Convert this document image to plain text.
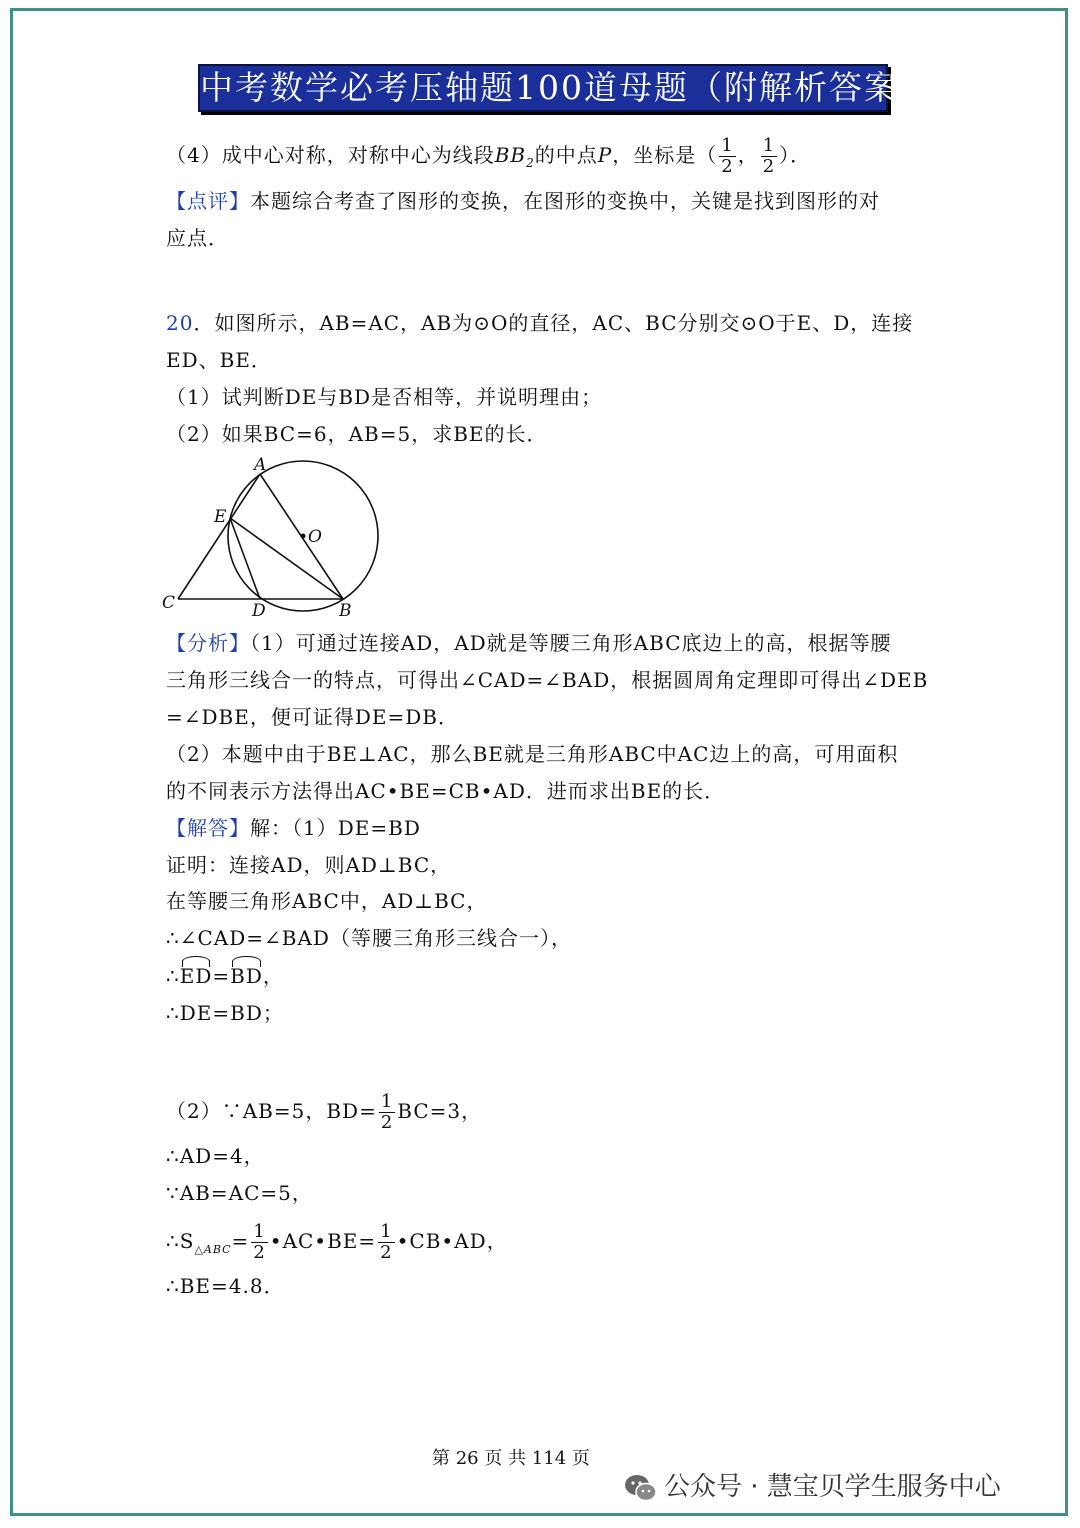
中考数学必考压轴题100道母题（附解析答案）
（4）成中心对称，对称中心为线段$BB_2$的中点P，坐标是（ $\frac{1}{2}$ ， $\frac{1}{2}$ ）．
【点评】本题综合考查了图形的变换，在图形的变换中，关键是找到图形的对
应点．
20．如图所示，AB=AC，AB为⊙O的直径，AC、BC分别交⊙O于E、D，连接
ED、BE．
（1）试判断DE与BD是否相等，并说明理由；
（2）如果BC=6，AB=5，求BE的长．
A
E
O
C	D	B
【分析】（1）可通过连接AD，AD就是等腰三角形ABC底边上的高，根据等腰
三角形三线合一的特点，可得出∠CAD=∠BAD，根据圆周角定理即可得出∠DEB
=∠DBE，便可证得DE=DB．
（2）本题中由于BE⊥AC，那么BE就是三角形ABC中AC边上的高，可用面积
的不同表示方法得出AC•BE=CB•AD．进而求出BE的长．
【解答】解：（1）DE=BD
证明：连接AD，则AD⊥BC，
在等腰三角形ABC中，AD⊥BC，
∴∠CAD=∠BAD（等腰三角形三线合一），
∴ED=BD，
∴DE=BD；
（2）∵AB=5，$BD= \frac{1}{2} BC=3$，
∴AD=4，
∵AB=AC=5，
$\therefore S_{\triangle ABC}= \frac{1}{2}$ •AC•BE= $\frac{1}{2}$ •CB•AD，
∴BE=4.8．
第 26 页 共 114 页
公众号 · 慧宝贝学生服务中心
